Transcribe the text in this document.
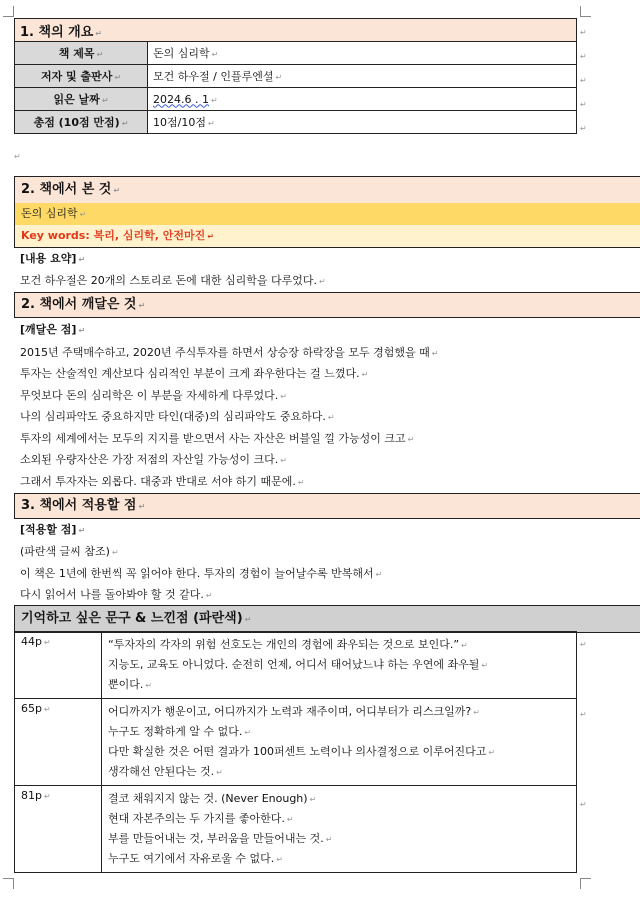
1. 책의 개요 ↵	
책 제목 ↵	돈의 심리학 ↵
저자 및 출판사 ↵	모건 하우절 / 인플루엔셜 ↵
읽은 날짜 ↵	2024.6 . 1 ↵
총점 (10점 만점) ↵	10점/10점 ↵
↵
↵
↵
↵
↵
↵
2. 책에서 본 것 ↵
돈의 심리학 ↵
Key words: 복리, 심리학, 안전마진 ↵
[내용 요약] ↵
모건 하우절은 20개의 스토리로 돈에 대한 심리학을 다루었다. ↵
2. 책에서 깨달은 것 ↵
[깨달은 점] ↵
2015년 주택매수하고, 2020년 주식투자를 하면서 상승장 하락장을 모두 경험했을 때 ↵
투자는 산술적인 계산보다 심리적인 부분이 크게 좌우한다는 걸 느꼈다. ↵
무엇보다 돈의 심리학은 이 부분을 자세하게 다루었다. ↵
나의 심리파악도 중요하지만 타인(대중)의 심리파악도 중요하다. ↵
투자의 세계에서는 모두의 지지를 받으면서 사는 자산은 버블일 낄 가능성이 크고 ↵
소외된 우량자산은 가장 저점의 자산일 가능성이 크다. ↵
그래서 투자자는 외롭다. 대중과 반대로 서야 하기 때문에. ↵
3. 책에서 적용할 점 ↵
[적용할 점] ↵
(파란색 글씨 참조) ↵
이 책은 1년에 한번씩 꼭 읽어야 한다. 투자의 경험이 늘어날수록 반복해서 ↵
다시 읽어서 나를 돌아봐야 할 것 같다. ↵
기억하고 싶은 문구 & 느낀점 (파란색) ↵
44p ↵	“투자자의 각자의 위험 선호도는 개인의 경험에 좌우되는 것으로 보인다.” ↵
지능도, 교육도 아니었다. 순전히 언제, 어디서 태어났느냐 하는 우연에 좌우될 ↵
뿐이다. ↵

65p ↵	어디까지가 행운이고, 어디까지가 노력과 재주이며, 어디부터가 리스크일까? ↵
누구도 정확하게 알 수 없다. ↵
다만 확실한 것은 어떤 결과가 100퍼센트 노력이나 의사결정으로 이루어진다고 ↵
생각해선 안된다는 것. ↵

81p ↵	결코 채워지지 않는 것. (Never Enough) ↵
현대 자본주의는 두 가지를 좋아한다. ↵
부를 만들어내는 것, 부러움을 만들어내는 것. ↵
누구도 여기에서 자유로울 수 없다. ↵
↵
↵
↵
